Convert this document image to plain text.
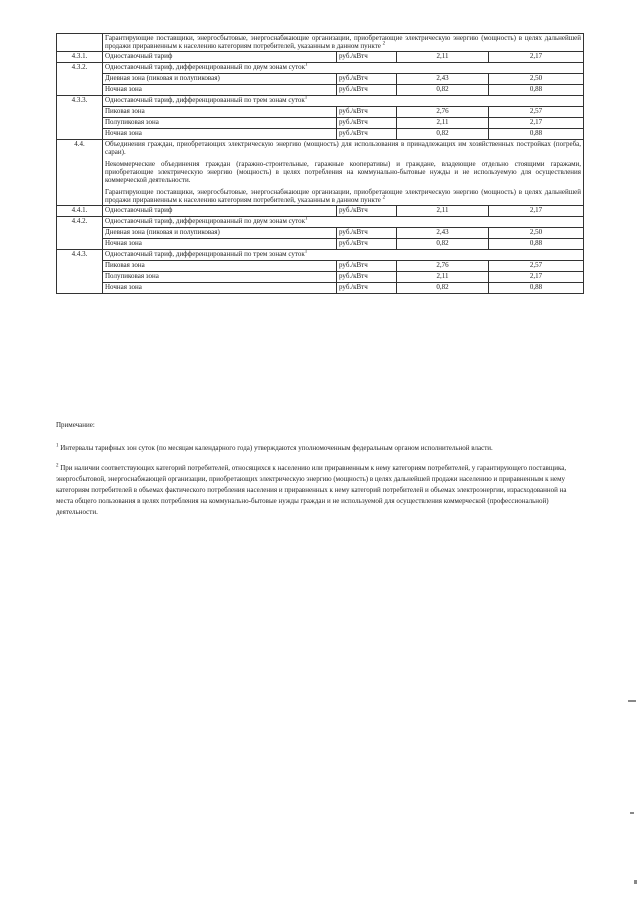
	Гарантирующие поставщики, энергосбытовые, энергоснабжающие организации, приобретающие электрическую энергию (мощность) в целях дальнейшей продажи приравненным к населению категориям потребителей, указанным в данном пункте $^2$
4.3.1.	Одноставочный тариф	руб./кВтч	2,11	2,17
4.3.2.	Одноставочный тариф, дифференцированный по двум зонам суток$^1$
	Дневная зона (пиковая и полупиковая)	руб./кВтч	2,43	2,50
	Ночная зона	руб./кВтч	0,82	0,88
4.3.3.	Одноставочный тариф, дифференцированный по трем зонам суток$^1$
	Пиковая зона	руб./кВтч	2,76	2,57
	Полупиковая зона	руб./кВтч	2,11	2,17
	Ночная зона	руб./кВтч	0,82	0,88
4.4.	Объединения граждан, приобретающих электрическую энергию (мощность) для использования в принадлежащих им хозяйственных постройках (погреба, сараи).

Некоммерческие объединения граждан (гаражно-строительные, гаражные кооперативы) и граждане, владеющие отдельно стоящими гаражами, приобретающие электрическую энергию (мощность) в целях потребления на коммунально-бытовые нужды и не используемую для осуществления коммерческой деятельности.

Гарантирующие поставщики, энергосбытовые, энергоснабжающие организации, приобретающие электрическую энергию (мощность) в целях дальнейшей продажи приравненным к населению категориям потребителей, указанным в данном пункте $^2$

4.4.1.	Одноставочный тариф	руб./кВтч	2,11	2,17
4.4.2.	Одноставочный тариф, дифференцированный по двум зонам суток$^1$
	Дневная зона (пиковая и полупиковая)	руб./кВтч	2,43	2,50
	Ночная зона	руб./кВтч	0,82	0,88
4.4.3.	Одноставочный тариф, дифференцированный по трем зонам суток$^1$
	Пиковая зона	руб./кВтч	2,76	2,57
	Полупиковая зона	руб./кВтч	2,11	2,17
	Ночная зона	руб./кВтч	0,82	0,88

Примечание:

$^1$ Интервалы тарифных зон суток (по месяцам календарного года) утверждаются уполномоченным федеральным органом исполнительной власти.

$^2$ При наличии соответствующих категорий потребителей, относящихся к населению или приравненным к нему категориям потребителей, у гарантирующего поставщика, энергосбытовой, энергоснабжающей организации, приобретающих электрическую энергию (мощность) в целях дальнейшей продажи населению и приравненным к нему категориям потребителей в объемах фактического потребления населения и приравненных к нему категорий потребителей и объемах электроэнергии, израсходованной на места общего пользования в целях потребления на коммунально-бытовые нужды граждан и не используемой для осуществления коммерческой (профессиональной) деятельности.
